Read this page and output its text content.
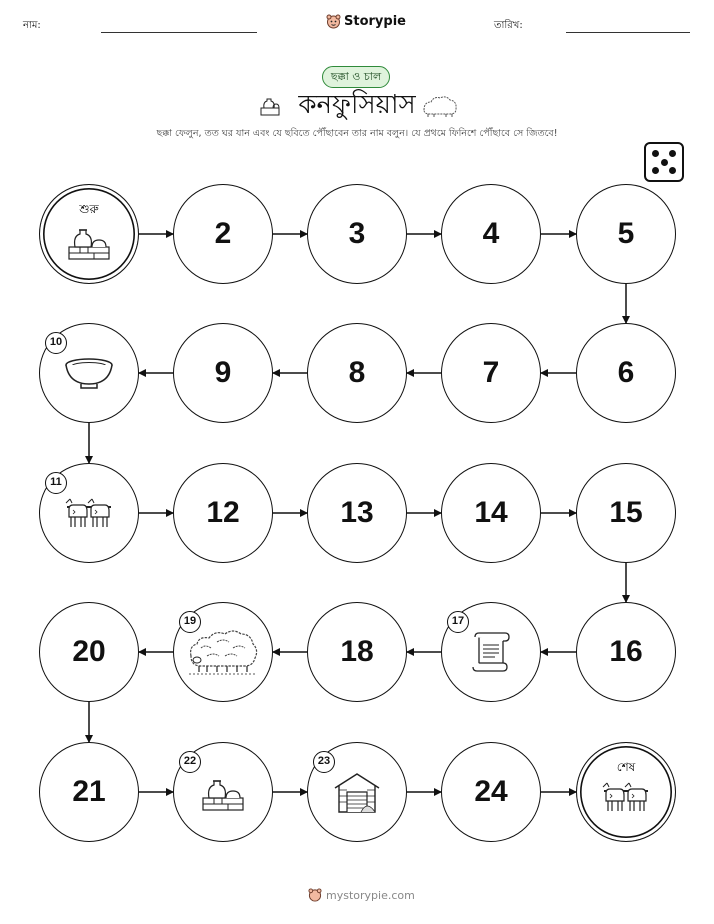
নাম:	Storypie	তারিখ:
ছক্কা ও চাল
কনফুসিয়াস
ছক্কা ফেলুন, তত ঘর যান এবং যে ছবিতে পৌঁছাবেন তার নাম বলুন। যে প্রথমে ফিনিশে পৌঁছাবে সে জিতবে!
শুরু
2	3	4	5
6
7
8
9
10
11
12	13	14	15
16
17
18
19
20
21
22	23
24
শেষ
mystorypie.com
